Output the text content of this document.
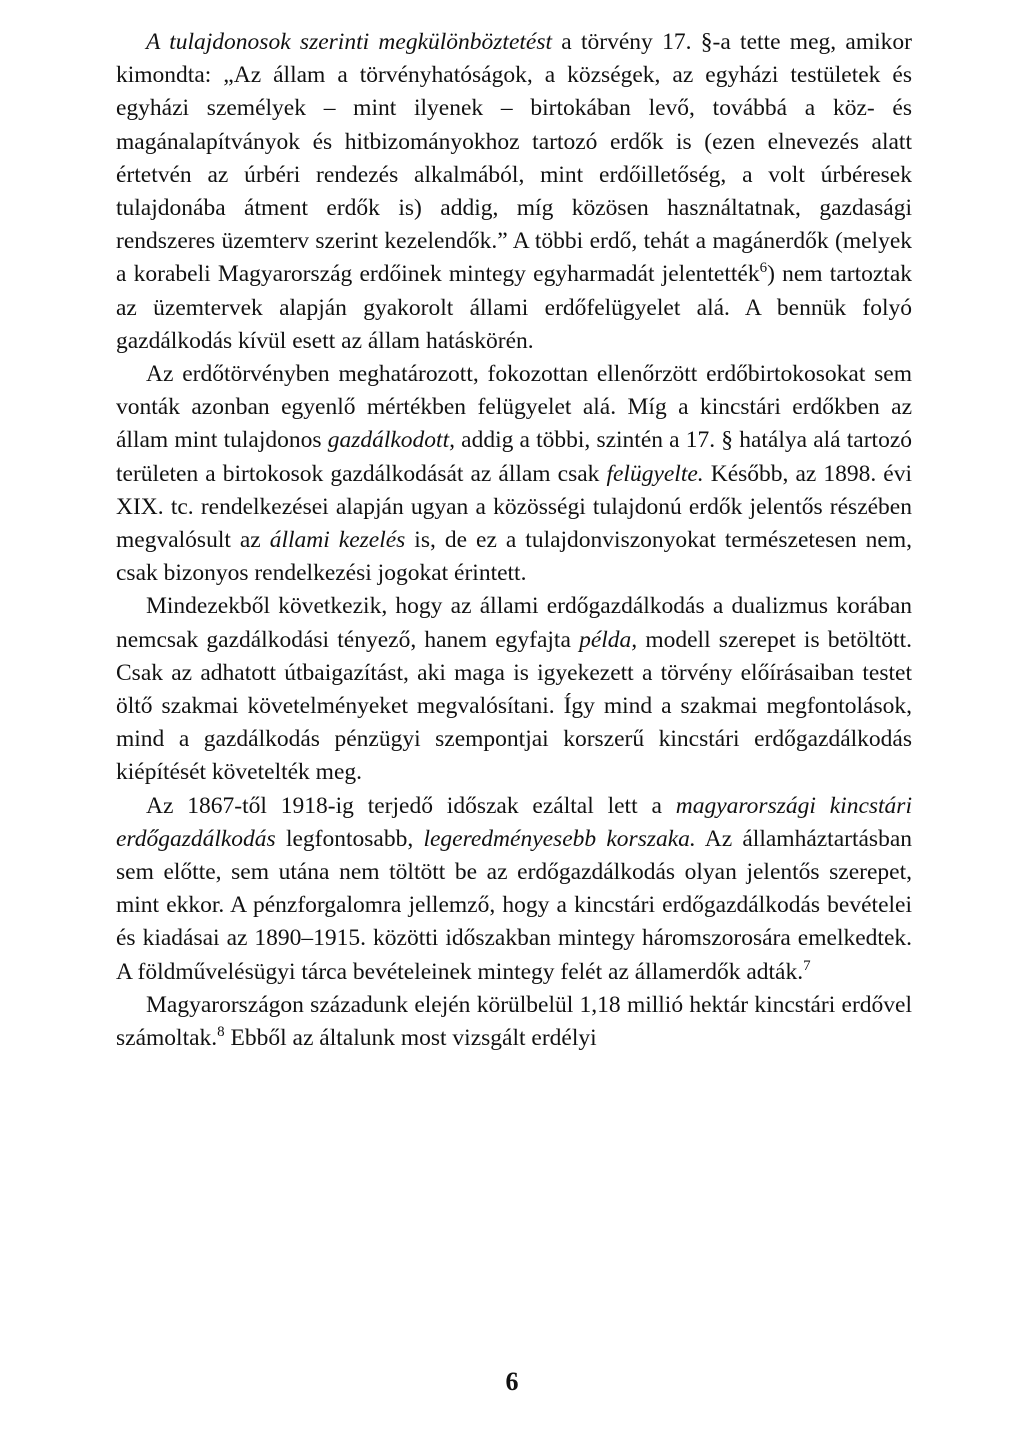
A tulajdonosok szerinti megkülönböztetést a törvény 17. §-a tette meg, amikor kimondta: „Az állam a törvényhatóságok, a községek, az egyházi testületek és egyházi személyek – mint ilyenek – birtokában levő, továbbá a köz- és magánalapítványok és hitbizományokhoz tartozó erdők is (ezen elnevezés alatt értetvén az úrbéri rendezés alkalmából, mint erdőilletőség, a volt úrbéresek tulajdonába átment erdők is) addig, míg közösen használtatnak, gazdasági rendszeres üzemterv szerint kezelendők.” A többi erdő, tehát a magánerdők (melyek a korabeli Magyarország erdőinek mintegy egyharmadát jelentették$^6$) nem tartoztak az üzemtervek alapján gyakorolt állami erdőfelügyelet alá. A bennük folyó gazdálkodás kívül esett az állam hatáskörén.

Az erdőtörvényben meghatározott, fokozottan ellenőrzött erdőbirtokosokat sem vonták azonban egyenlő mértékben felügyelet alá. Míg a kincstári erdőkben az állam mint tulajdonos gazdálkodott, addig a többi, szintén a 17. § hatálya alá tartozó területen a birtokosok gazdálkodását az állam csak felügyelte. Később, az 1898. évi XIX. tc. rendelkezései alapján ugyan a közösségi tulajdonú erdők jelentős részében megvalósult az állami kezelés is, de ez a tulajdonviszonyokat természetesen nem, csak bizonyos rendelkezési jogokat érintett.

Mindezekből következik, hogy az állami erdőgazdálkodás a dualizmus korában nemcsak gazdálkodási tényező, hanem egyfajta példa, modell szerepet is betöltött. Csak az adhatott útbaigazítást, aki maga is igyekezett a törvény előírásaiban testet öltő szakmai követelményeket megvalósítani. Így mind a szakmai megfontolások, mind a gazdálkodás pénzügyi szempontjai korszerű kincstári erdőgazdálkodás kiépítését követelték meg.

Az 1867-től 1918-ig terjedő időszak ezáltal lett a magyarországi kincstári erdőgazdálkodás legfontosabb, legeredményesebb korszaka. Az államháztartásban sem előtte, sem utána nem töltött be az erdőgazdálkodás olyan jelentős szerepet, mint ekkor. A pénzforgalomra jellemző, hogy a kincstári erdőgazdálkodás bevételei és kiadásai az 1890–1915. közötti időszakban mintegy háromszorosára emelkedtek. A földművelésügyi tárca bevételeinek mintegy felét az államerdők adták.$^7$

Magyarországon századunk elején körülbelül 1,18 millió hektár kincstári erdővel számoltak.$^8$ Ebből az általunk most vizsgált erdélyi

6
